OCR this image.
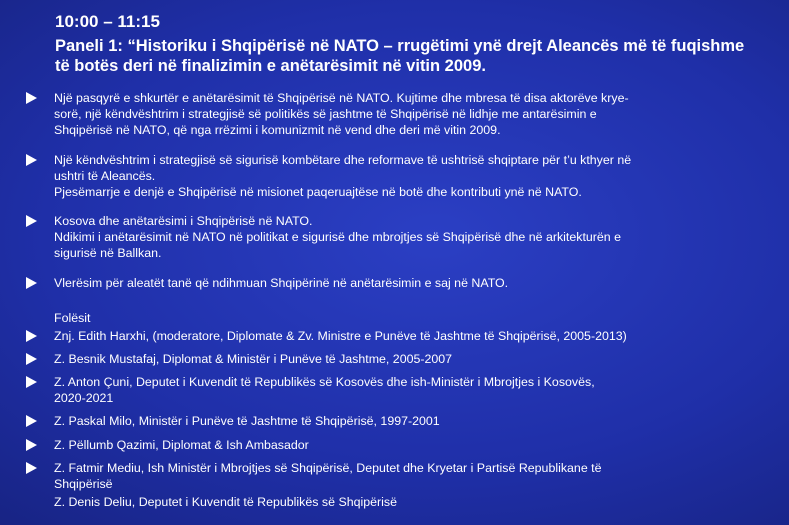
10:00 – 11:15
Paneli 1: “Historiku i Shqipërisë në NATO – rrugëtimi ynë drejt Aleancës më të fuqishme të botës deri në finalizimin e anëtarësimit në vitin 2009.
Një pasqyrë e shkurtër e anëtarësimit të Shqipërisë në NATO. Kujtime dhe mbresa të disa aktorëve krye-
sorë, një këndvështrim i strategjisë së politikës së jashtme të Shqipërisë në lidhje me antarësimin e
Shqipërisë në NATO, që nga rrëzimi i komunizmit në vend dhe deri më vitin 2009.
Një këndvështrim i strategjisë së sigurisë kombëtare dhe reformave të ushtrisë shqiptare për t’u kthyer në
ushtri të Aleancës.
Pjesëmarrje e denjë e Shqipërisë në misionet paqeruajtëse në botë dhe kontributi ynë në NATO.
Kosova dhe anëtarësimi i Shqipërisë në NATO.
Ndikimi i anëtarësimit në NATO në politikat e sigurisë dhe mbrojtjes së Shqipërisë dhe në arkitekturën e
sigurisë në Ballkan.
Vlerësim për aleatët tanë që ndihmuan Shqipërinë në anëtarësimin e saj në NATO.
Folësit
Znj. Edith Harxhi, (moderatore, Diplomate & Zv. Ministre e Punëve të Jashtme të Shqipërisë, 2005-2013)
Z. Besnik Mustafaj, Diplomat & Ministër i Punëve të Jashtme, 2005-2007
Z. Anton Çuni, Deputet i Kuvendit të Republikës së Kosovës dhe ish-Ministër i Mbrojtjes i Kosovës,
2020-2021
Z. Paskal Milo, Ministër i Punëve të Jashtme të Shqipërisë, 1997-2001
Z. Pëllumb Qazimi, Diplomat & Ish Ambasador
Z. Fatmir Mediu, Ish Ministër i Mbrojtjes së Shqipërisë, Deputet dhe Kryetar i Partisë Republikane të
Shqipërisë
Z. Denis Deliu, Deputet i Kuvendit të Republikës së Shqipërisë
